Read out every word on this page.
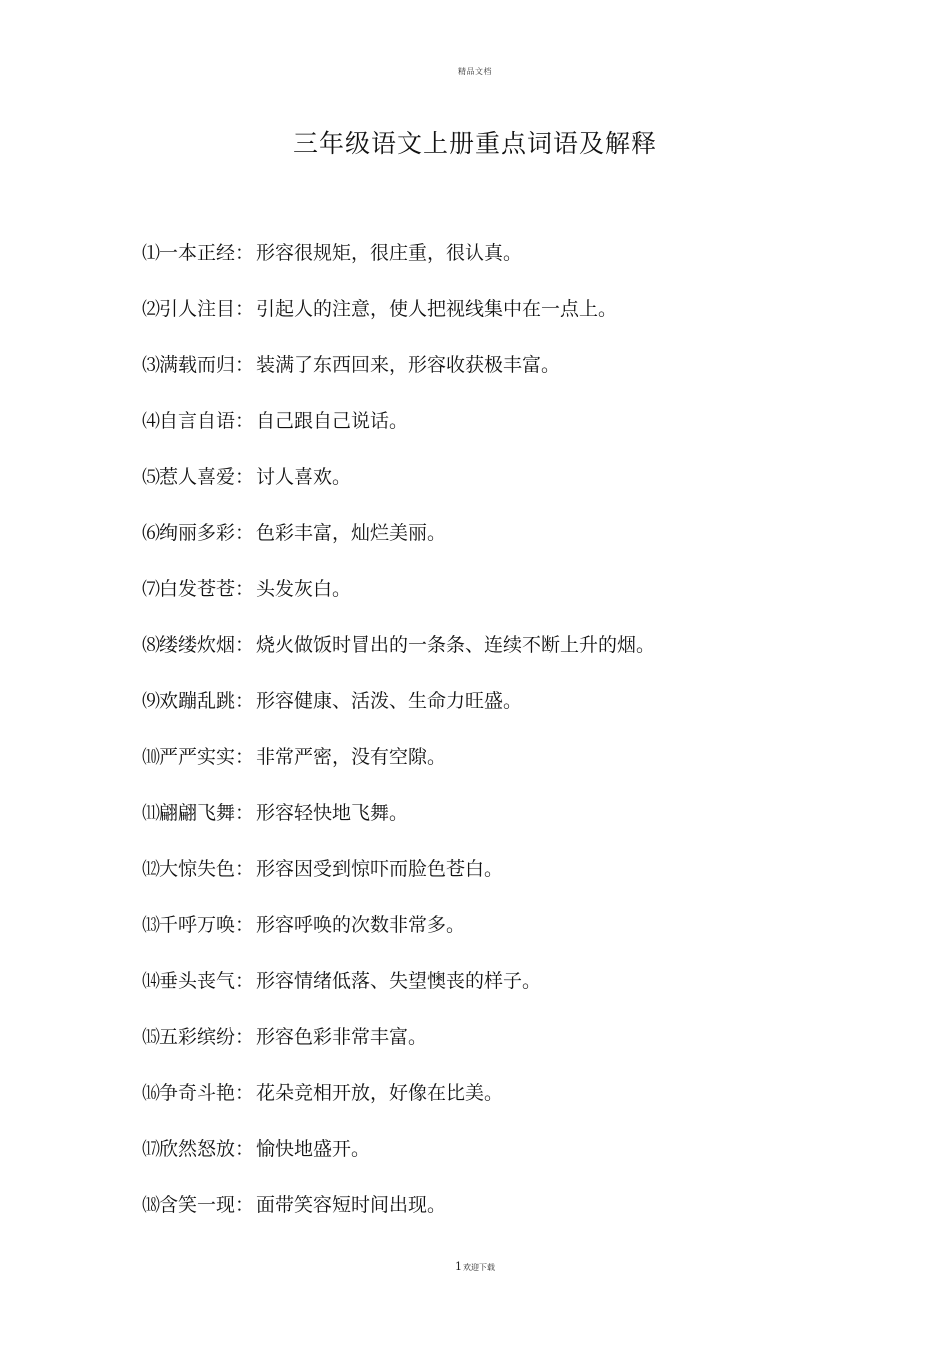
精品文档
三年级语文上册重点词语及解释
⑴一本正经： 形容很规矩，很庄重，很认真。
⑵引人注目： 引起人的注意，使人把视线集中在一点上。
⑶满载而归： 装满了东西回来，形容收获极丰富。
⑷自言自语： 自己跟自己说话。
⑸惹人喜爱： 讨人喜欢。
⑹绚丽多彩： 色彩丰富，灿烂美丽。
⑺白发苍苍： 头发灰白。
⑻缕缕炊烟： 烧火做饭时冒出的一条条、连续不断上升的烟。
⑼欢蹦乱跳： 形容健康、活泼、生命力旺盛。
⑽严严实实： 非常严密，没有空隙。
⑾翩翩飞舞： 形容轻快地飞舞。
⑿大惊失色： 形容因受到惊吓而脸色苍白。
⒀千呼万唤： 形容呼唤的次数非常多。
⒁垂头丧气： 形容情绪低落、失望懊丧的样子。
⒂五彩缤纷： 形容色彩非常丰富。
⒃争奇斗艳： 花朵竞相开放，好像在比美。
⒄欣然怒放： 愉快地盛开。
⒅含笑一现： 面带笑容短时间出现。
1欢迎下载
